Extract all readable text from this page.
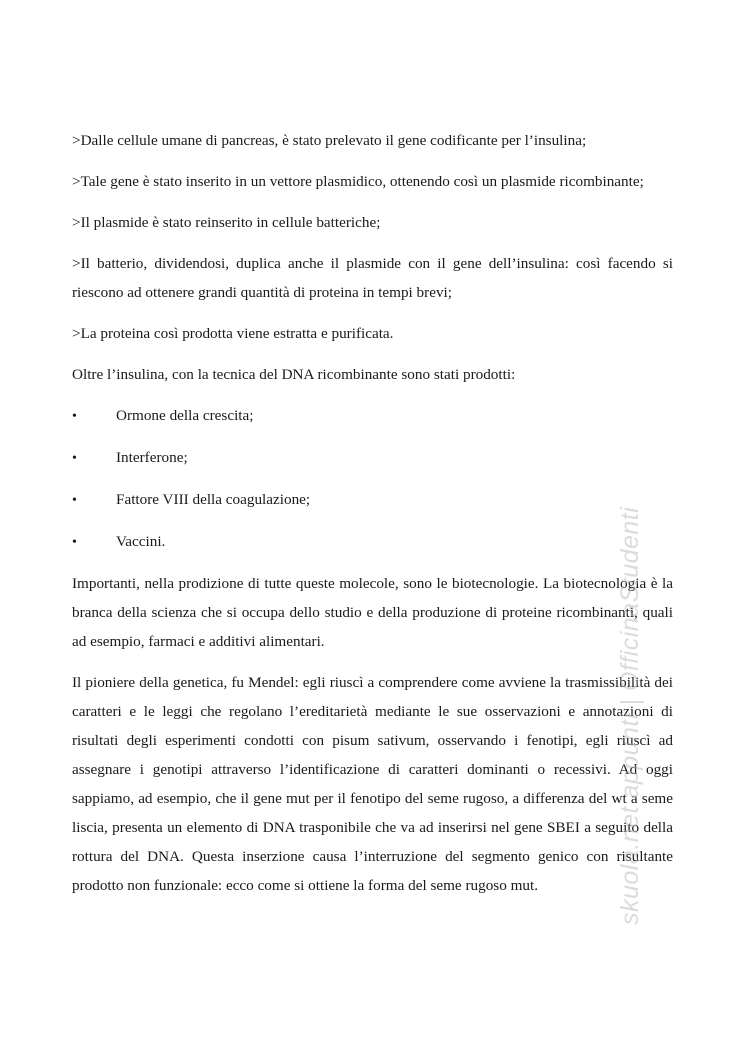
>Dalle cellule umane di pancreas, è stato prelevato il gene codificante per l’insulina;

>Tale gene è stato inserito in un vettore plasmidico, ottenendo così un plasmide ricombinante;

>Il plasmide è stato reinserito in cellule batteriche;

>Il batterio, dividendosi, duplica anche il plasmide con il gene dell’insulina: così facendo si riescono ad ottenere grandi quantità di proteina in tempi brevi;

>La proteina così prodotta viene estratta e purificata.

Oltre l’insulina, con la tecnica del DNA ricombinante sono stati prodotti:

•	Ormone della crescita;
•	Interferone;
•	Fattore VIII della coagulazione;
•	Vaccini.

Importanti, nella prodizione di tutte queste molecole, sono le biotecnologie. La biotecnologia è la branca della scienza che si occupa dello studio e della produzione di proteine ricombinanti, quali ad esempio, farmaci e additivi alimentari.

Il pioniere della genetica, fu Mendel: egli riuscì a comprendere come avviene la trasmissibilità dei caratteri e le leggi che regolano l’ereditarietà mediante le sue osservazioni e annotazioni di risultati degli esperimenti condotti con pisum sativum, osservando i fenotipi, egli riuscì ad assegnare i genotipi attraverso l’identificazione di caratteri dominanti o recessivi. Ad oggi sappiamo, ad esempio, che il gene mut per il fenotipo del seme rugoso, a differenza del wt a seme liscia, presenta un elemento di DNA trasponibile che va ad inserirsi nel gene SBEI a seguito della rottura del DNA. Questa inserzione causa l’interruzione del segmento genico con risultante prodotto non funzionale: ecco come si ottiene la forma del seme rugoso mut.	skuola.net appunti | OfficinaStudenti
